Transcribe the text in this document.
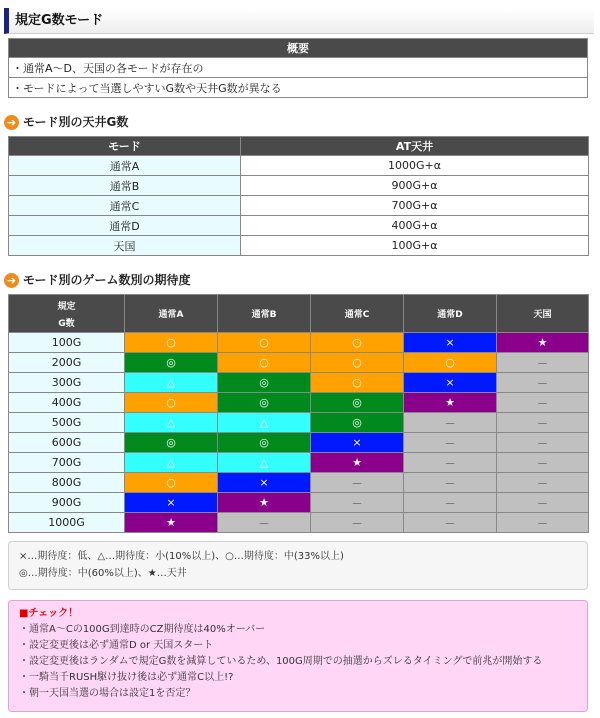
規定G数モード
概要
・通常A～D、天国の各モードが存在の
・モードによって当選しやすいG数や天井G数が異なる
➔ モード別の天井G数
モード	AT天井
通常A	1000G+α
通常B	900G+α
通常C	700G+α
通常D	400G+α
天国	100G+α
➔ モード別のゲーム数別の期待度
規定
G数	通常A	通常B	通常C	通常D	天国
100G	○	○	○	×	★
200G	◎	○	○	○	－
300G	△	◎	○	×	－
400G	○	◎	◎	★	－
500G	△	△	◎	－	－
600G	◎	◎	×	－	－
700G	△	△	★	－	－
800G	○	×	－	－	－
900G	×	★	－	－	－
1000G	★	－	－	－	－
×…期待度：低、△…期待度：小(10%以上)、○…期待度：中(33%以上)
◎…期待度：中(60%以上)、★…天井
■チェック！
・通常A～Cの100G到達時のCZ期待度は40%オーバー
・設定変更後は必ず通常D or 天国スタート
・設定変更後はランダムで規定G数を減算しているため、100G周期での抽選からズレるタイミングで前兆が開始する
・一騎当千RUSH駆け抜け後は必ず通常C以上!?
・朝一天国当選の場合は設定1を否定？
